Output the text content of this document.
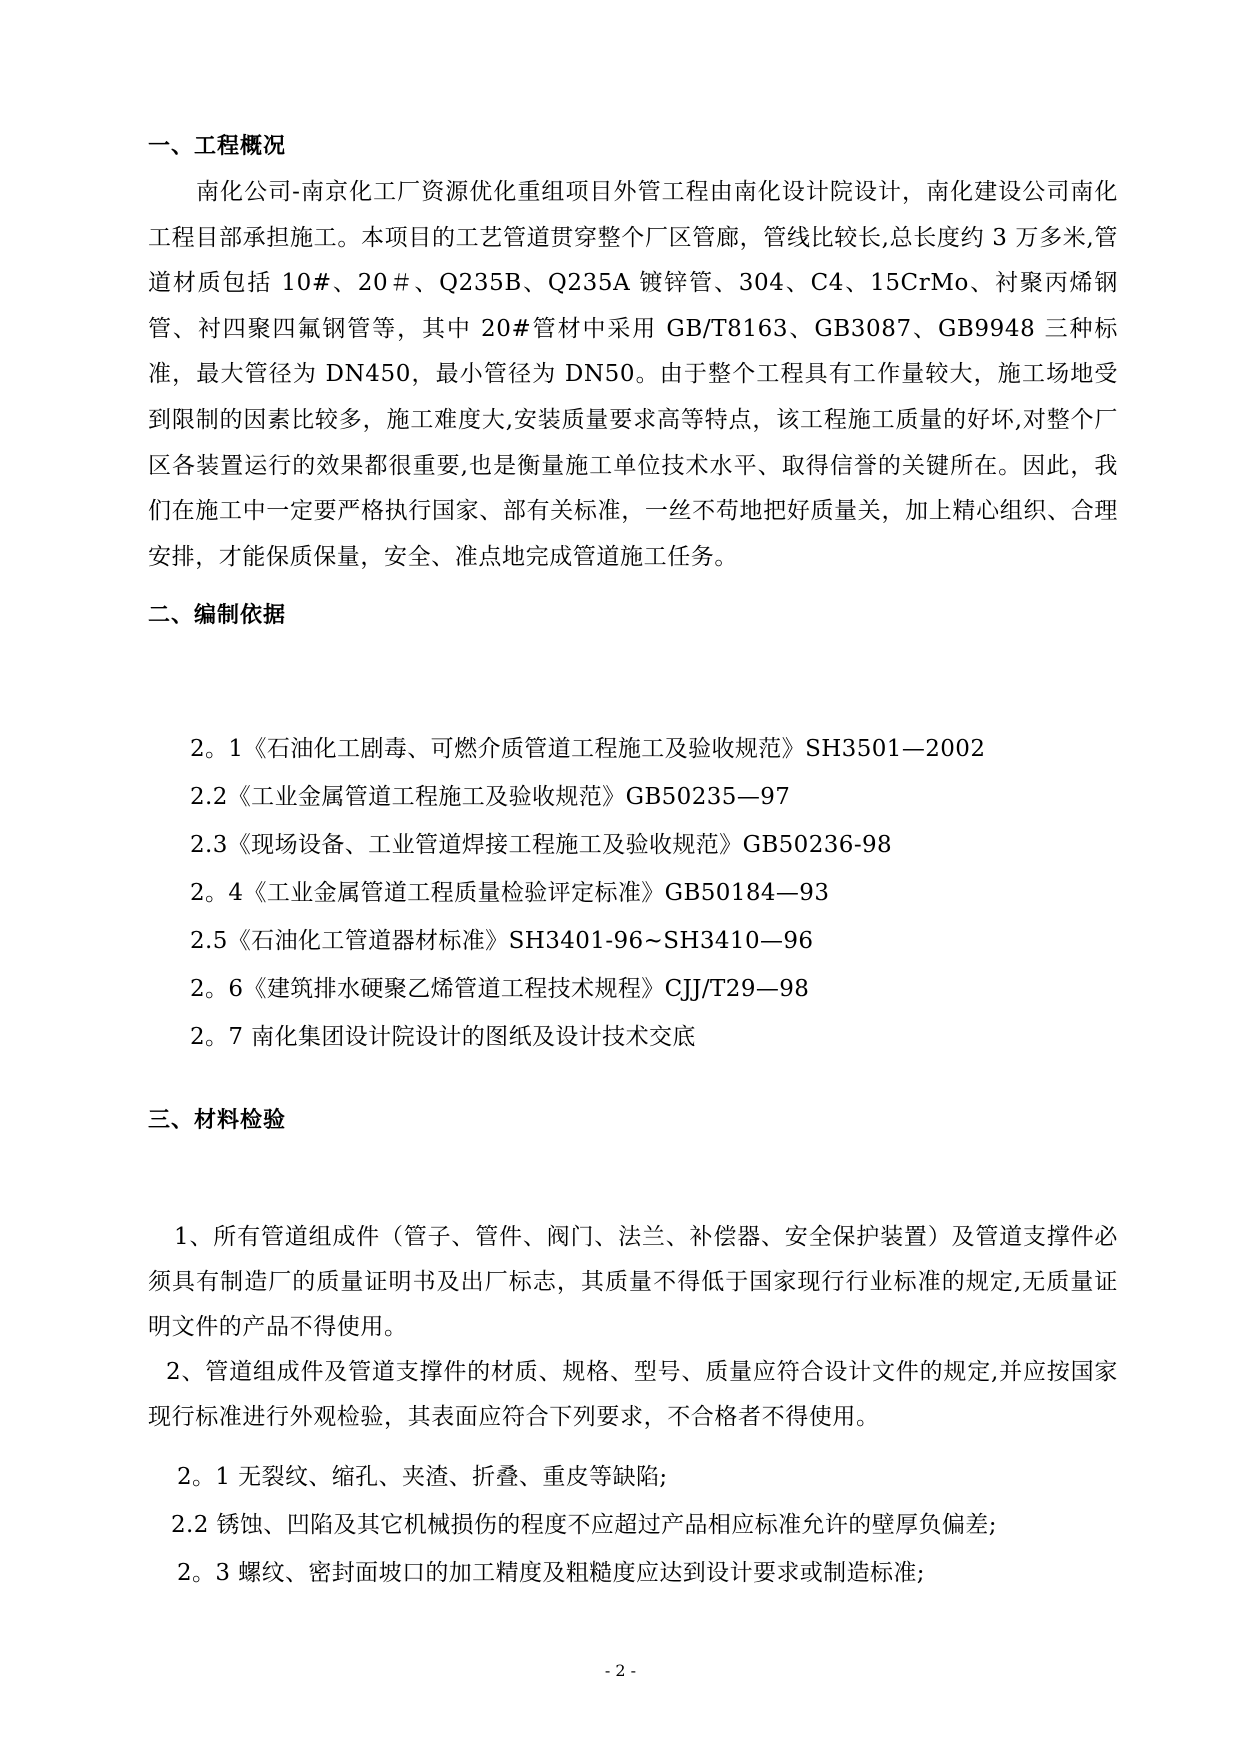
一、工程概况
南化公司-南京化工厂资源优化重组项目外管工程由南化设计院设计，南化建设公司南化工程目部承担施工。本项目的工艺管道贯穿整个厂区管廊，管线比较长,总长度约 3 万多米,管道材质包括 10#、20＃、Q235B、Q235A 镀锌管、304、C4、15CrMo、衬聚丙烯钢管、衬四聚四氟钢管等，其中 20#管材中采用 GB/T8163、GB3087、GB9948 三种标准，最大管径为 DN450，最小管径为 DN50。由于整个工程具有工作量较大，施工场地受到限制的因素比较多，施工难度大,安装质量要求高等特点，该工程施工质量的好坏,对整个厂区各装置运行的效果都很重要,也是衡量施工单位技术水平、取得信誉的关键所在。因此，我们在施工中一定要严格执行国家、部有关标准，一丝不苟地把好质量关，加上精心组织、合理安排，才能保质保量，安全、准点地完成管道施工任务。
二、编制依据
2。1《石油化工剧毒、可燃介质管道工程施工及验收规范》SH3501—2002
2.2《工业金属管道工程施工及验收规范》GB50235—97
2.3《现场设备、工业管道焊接工程施工及验收规范》GB50236-98
2。4《工业金属管道工程质量检验评定标准》GB50184—93
2.5《石油化工管道器材标准》SH3401-96~SH3410—96
2。6《建筑排水硬聚乙烯管道工程技术规程》CJJ/T29—98
2。7 南化集团设计院设计的图纸及设计技术交底
三、材料检验
1、所有管道组成件（管子、管件、阀门、法兰、补偿器、安全保护装置）及管道支撑件必须具有制造厂的质量证明书及出厂标志，其质量不得低于国家现行行业标准的规定,无质量证明文件的产品不得使用。
2、管道组成件及管道支撑件的材质、规格、型号、质量应符合设计文件的规定,并应按国家现行标准进行外观检验，其表面应符合下列要求，不合格者不得使用。
2。1 无裂纹、缩孔、夹渣、折叠、重皮等缺陷;
2.2 锈蚀、凹陷及其它机械损伤的程度不应超过产品相应标准允许的壁厚负偏差;
2。3 螺纹、密封面坡口的加工精度及粗糙度应达到设计要求或制造标准;
- 2 -
